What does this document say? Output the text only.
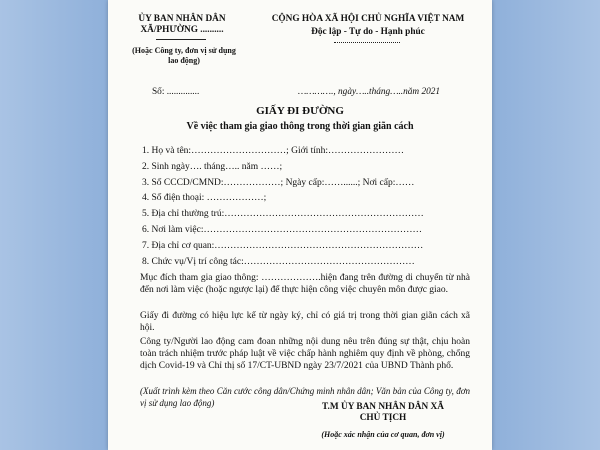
ỦY BAN NHÂN DÂN
XÃ/PHƯỜNG ..........
(Hoặc Công ty, đơn vị sử dụng lao động)
Số: ..............
CỘNG HÒA XÃ HỘI CHỦ NGHĨA VIỆT NAM
Độc lập - Tự do - Hạnh phúc
…………., ngày…..tháng…..năm 2021
GIẤY ĐI ĐƯỜNG
Về việc tham gia giao thông trong thời gian giãn cách
1. Họ và tên:…………………………; Giới tính:……………………
2. Sinh ngày…. tháng….. năm ……;
3. Số CCCD/CMND:………………; Ngày cấp:……......; Nơi cấp:……
4. Số điện thoại: ………………;
5. Địa chỉ thường trú:………………………………………………………
6. Nơi làm việc:……………………………………………………………
7. Địa chỉ cơ quan:…………………………………………………………
8. Chức vụ/Vị trí công tác:………………………………………………
Mục đích tham gia giao thông: ……………….hiện đang trên đường di chuyển từ nhà đến nơi làm việc (hoặc ngược lại) để thực hiện công việc chuyên môn được giao.
Giấy đi đường có hiệu lực kể từ ngày ký, chỉ có giá trị trong thời gian giãn cách xã hội.
Công ty/Người lao động cam đoan những nội dung nêu trên đúng sự thật, chịu hoàn toàn trách nhiệm trước pháp luật về việc chấp hành nghiêm quy định về phòng, chống dịch Covid-19 và Chỉ thị số 17/CT-UBND ngày 23/7/2021 của UBND Thành phố.
(Xuất trình kèm theo Căn cước công dân/Chứng minh nhân dân; Văn bản của Công ty, đơn vị sử dụng lao động)	T.M ỦY BAN NHÂN DÂN XÃ
CHỦ TỊCH
(Hoặc xác nhận của cơ quan, đơn vị)
